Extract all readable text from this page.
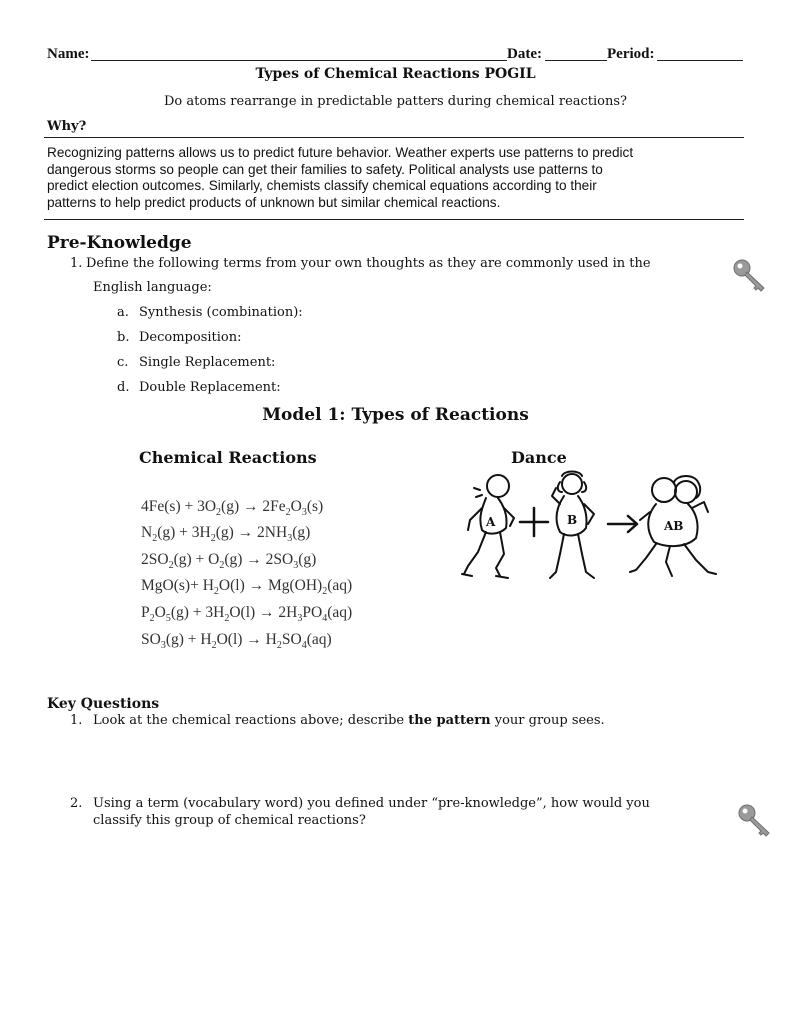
Name:	Date:	Period:
Types of Chemical Reactions POGIL
Do atoms rearrange in predictable patters during chemical reactions?
Why?
Recognizing patterns allows us to predict future behavior. Weather experts use patterns to predict
dangerous storms so people can get their families to safety. Political analysts use patterns to
predict election outcomes. Similarly, chemists classify chemical equations according to their
patterns to help predict products of unknown but similar chemical reactions.
Pre-Knowledge
1. Define the following terms from your own thoughts as they are commonly used in the
English language:
a. Synthesis (combination):
b. Decomposition:
c. Single Replacement:
d. Double Replacement:
Model 1: Types of Reactions
Chemical Reactions	Dance
$4Fe(s) + 3O_2(g) \to 2Fe_2O_3(s)$
$N_2(g) + 3H_2(g) \to 2NH_3(g)$
$2SO_2(g) + O_2(g) \to 2SO_3(g)$
$MgO(s)+ H_2O(l) \to Mg(OH)_2(aq)$
$P_2O_5(g) + 3H_2O(l) \to 2H_3PO_4(aq)$
$SO_3(g) + H_2O(l) \to H_2SO_4(aq)$
A	B	AB
Key Questions
1. Look at the chemical reactions above; describe the pattern your group sees.
2. Using a term (vocabulary word) you defined under “pre-knowledge”, how would you
classify this group of chemical reactions?
